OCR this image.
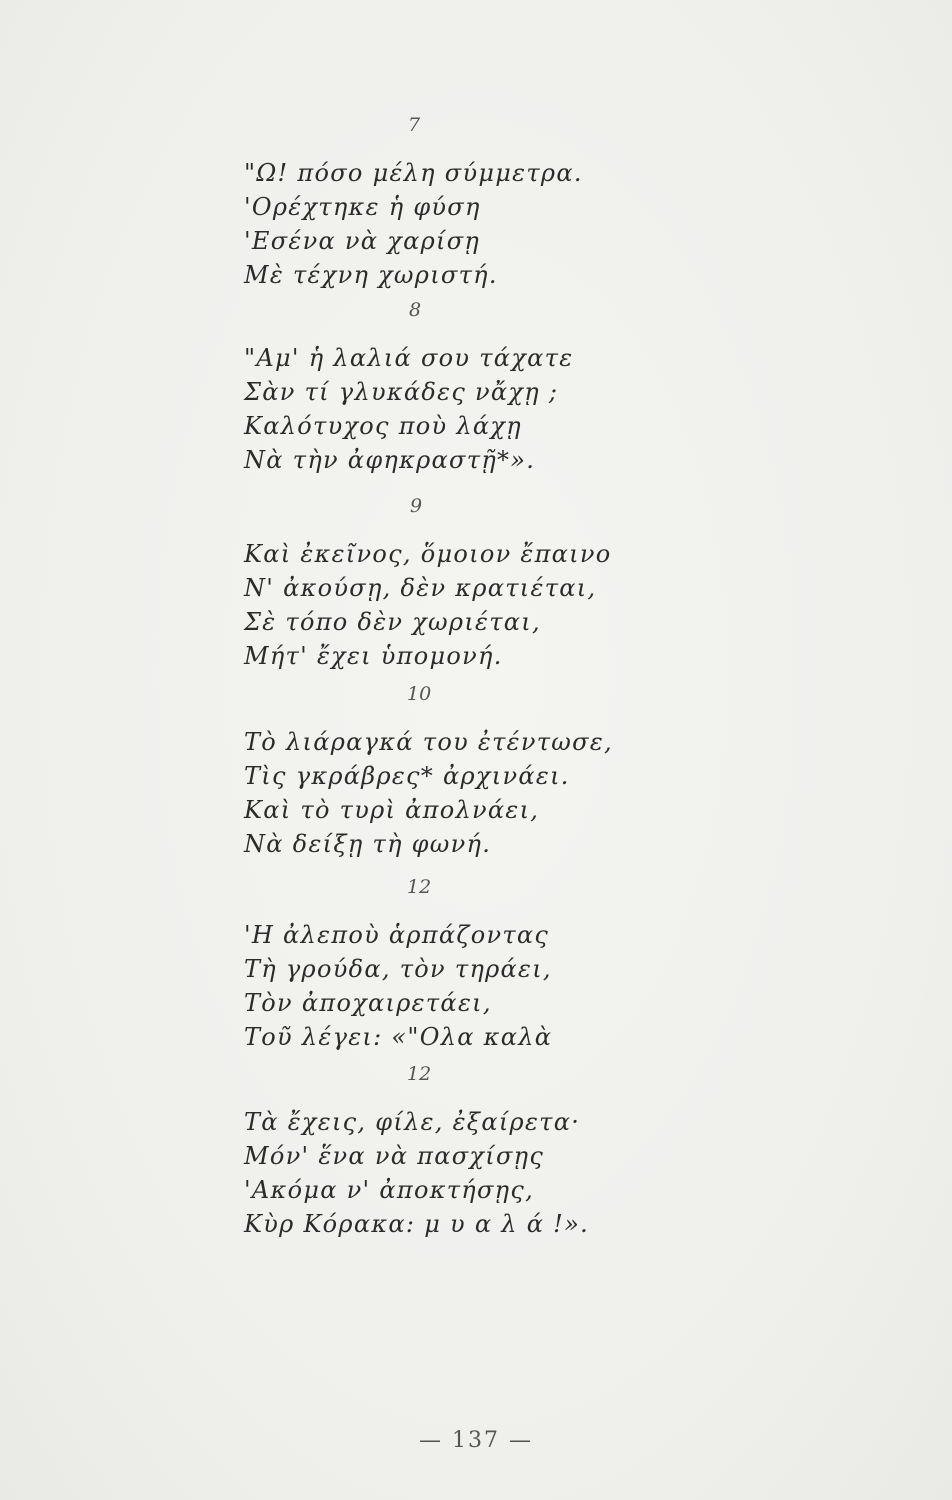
7
"Ω! πόσο μέλη σύμμετρα.
'Ορέχτηκε ἡ φύση
'Εσένα νὰ χαρίσῃ
Μὲ τέχνη χωριστή.
8
"Αμ' ἡ λαλιά σου τάχατε
Σὰν τί γλυκάδες νἄχῃ ;
Καλότυχος ποὺ λάχῃ
Νὰ τὴν ἀφηκραστῇ*».
9
Καὶ ἐκεῖνος, ὅμοιον ἔπαινο
Ν' ἀκούσῃ, δὲν κρατιέται,
Σὲ τόπο δὲν χωριέται,
Μήτ' ἔχει ὑπομονή.
10
Τὸ λιάραγκά του ἐτέντωσε,
Τὶς γκράβρες* ἀρχινάει.
Καὶ τὸ τυρὶ ἀπολνάει,
Νὰ δείξῃ τὴ φωνή.
12
'Η ἀλεποὺ ἁρπάζοντας
Τὴ γρούδα, τὸν τηράει,
Τὸν ἀποχαιρετάει,
Τοῦ λέγει: «"Ολα καλὰ
12
Τὰ ἔχεις, φίλε, ἐξαίρετα·
Μόν' ἕνα νὰ πασχίσῃς
'Ακόμα ν' ἀποκτήσῃς,
Κὺρ Κόρακα: μ υ α λ ά !».
— 137 —
